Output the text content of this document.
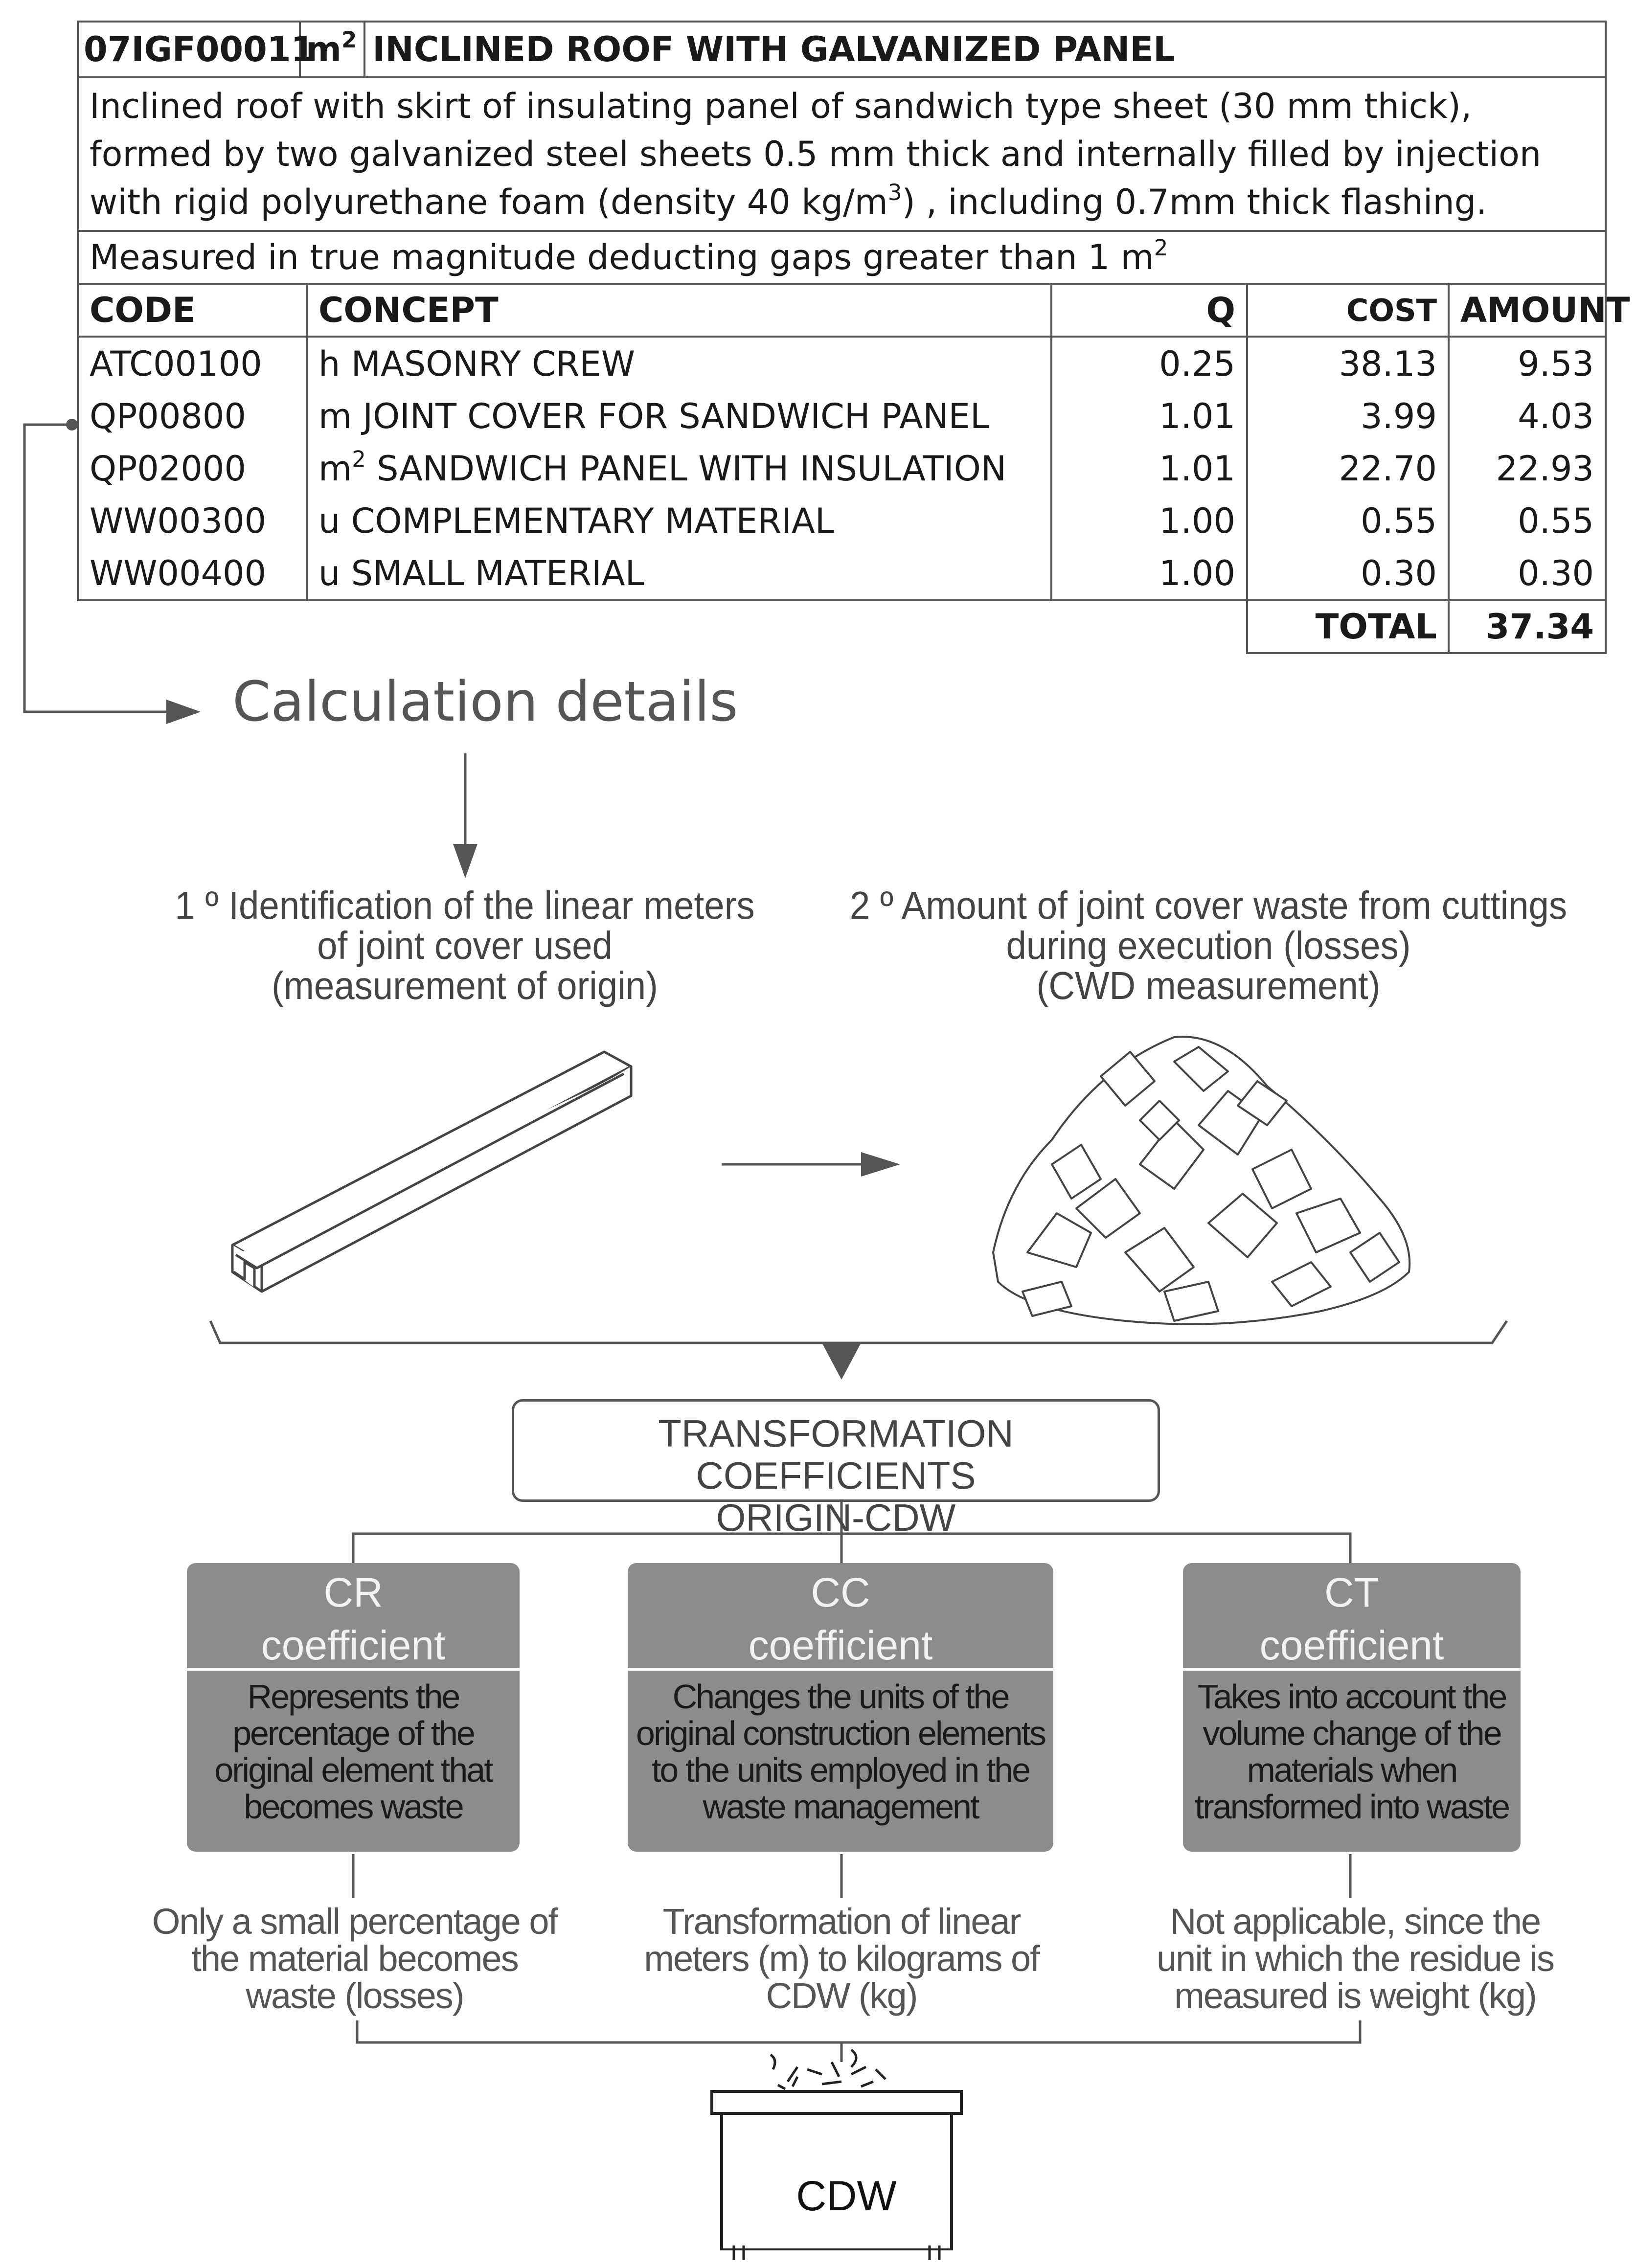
$07IGF00011m^2$ INCLINED ROOF WITH GALVANIZED PANEL				
Inclined roof with skirt of insulating panel of sandwich type sheet (30 mm thick), formed by two galvanized steel sheets 0.5 mm thick and internally filled by injection with rigid polyurethane foam (density 40 $kg/m^3$) , including 0.7mm thick flashing.				
Measured in true magnitude deducting gaps greater than 1 $m^2$
CODE	CONCEPT	Q	COST	AMOUNT
ATC00100	h MASONRY CREW	0.25	38.13	9.53
QP00800	m JOINT COVER FOR SANDWICH PANEL	1.01	3.99	4.03
QP02000	$m^2$ SANDWICH PANEL WITH INSULATION	1.01	22.70	22.93
WW00300	u COMPLEMENTARY MATERIAL	1.00	0.55	0.55
WW00400	u SMALL MATERIAL	1.00	0.30	0.30
			TOTAL	37.34
Calculation details
1 º Identification of the linear meters
of joint cover used
(measurement of origin)
2 º Amount of joint cover waste from cuttings
during execution (losses)
(CWD measurement)
TRANSFORMATION COEFFICIENTS
ORIGIN-CDW
CR
coefficient
Represents the percentage of the original element that becomes waste
CC
coefficient
Changes the units of the original construction elements to the units employed in the waste management
CT
coefficient
Takes into account the volume change of the materials when transformed into waste
Only a small percentage of the material becomes waste (losses)
Transformation of linear meters (m) to kilograms of CDW (kg)
Not applicable, since the unit in which the residue is measured is weight (kg)
CDW
